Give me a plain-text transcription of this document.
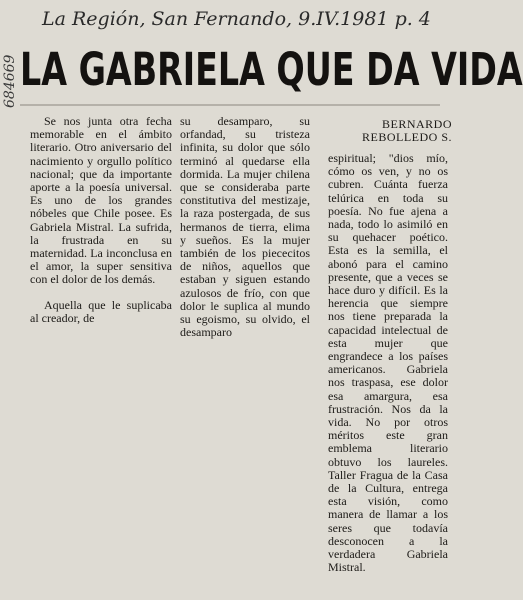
La Región, San Fernando, 9.IV.1981 p. 4
684669 LA GABRIELA QUE DA VIDA
BERNARDO
REBOLLEDO S.

Se nos junta otra fecha memorable en el ámbito literario. Otro aniversario del nacimiento y orgullo político nacional; que da importante aporte a la poesía universal. Es uno de los grandes nóbeles que Chile posee. Es Gabriela Mistral. La sufrida, la frustrada en su maternidad. La inconclusa en el amor, la super sensitiva con el dolor de los demás.

Aquella que le suplicaba al creador, de

su desamparo, su orfandad, su tristeza infinita, su dolor que sólo terminó al quedarse ella dormida. La mujer chilena que se consideraba parte constitutiva del mestizaje, la raza postergada, de sus hermanos de tierra, elima y sueños. Es la mujer también de los piececitos de niños, aquellos que estaban y siguen estando azulosos de frío, con que dolor le suplica al mundo su egoismo, su olvido, el desamparo

espiritual; "dios mío, cómo os ven, y no os cubren. Cuánta fuerza telúrica en toda su poesía. No fue ajena a nada, todo lo asimiló en su quehacer poético. Esta es la semilla, el abonó para el camino presente, que a veces se hace duro y difícil. Es la herencia que siempre nos tiene preparada la capacidad intelectual de esta mujer que engrandece a los países americanos. Gabriela nos traspasa, ese dolor esa amargura, esa frustración. Nos da la vida. No por otros méritos este gran emblema literario obtuvo los laureles. Taller Fragua de la Casa de la Cultura, entrega esta visión, como manera de llamar a los seres que todavía desconocen a la verdadera Gabriela Mistral.
